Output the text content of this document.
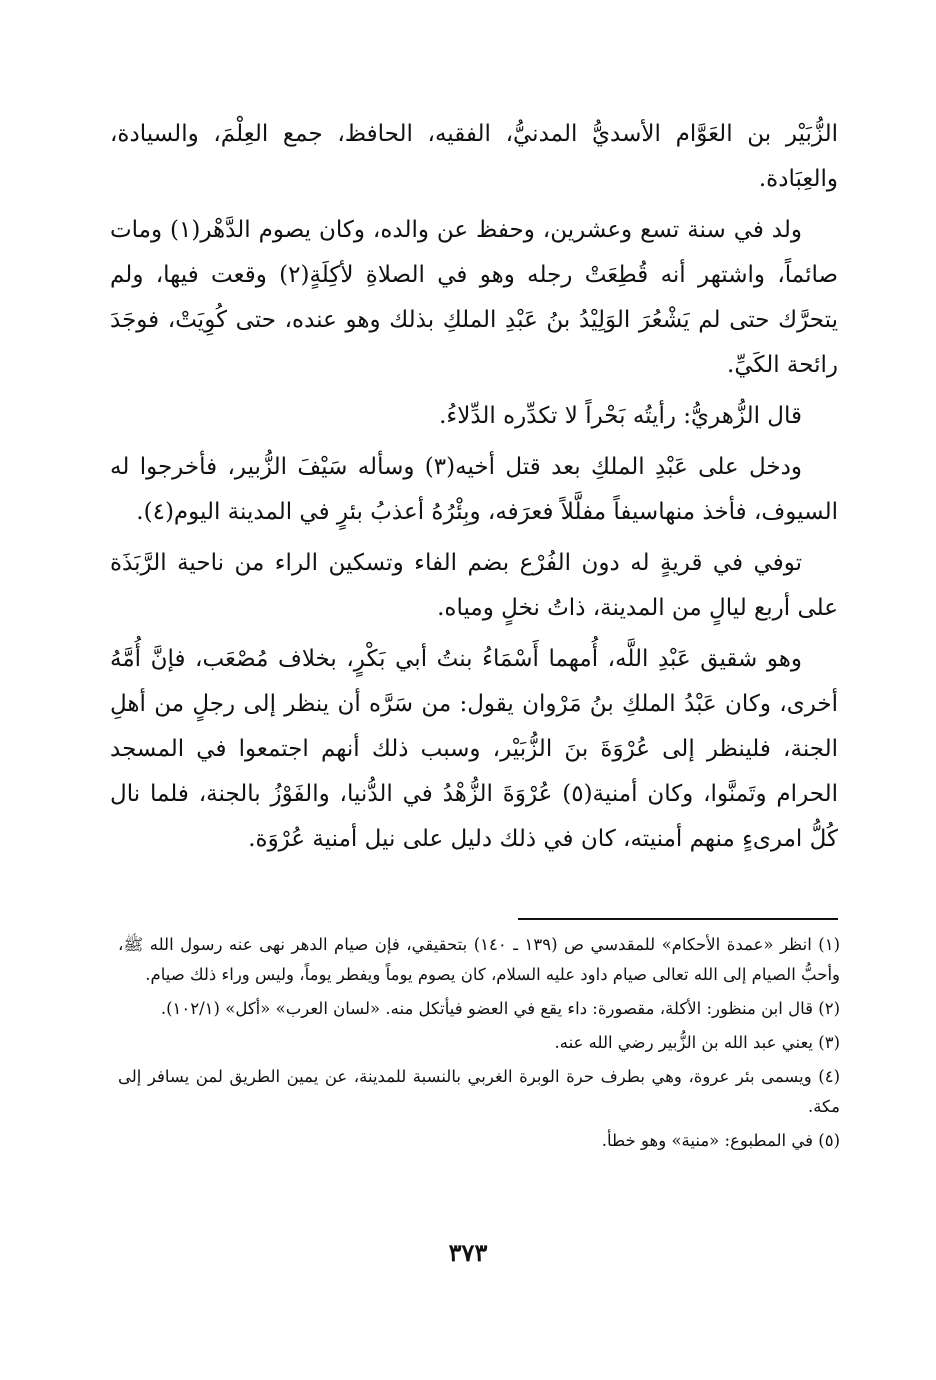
الزُّبَيْر بن العَوَّام الأسديُّ المدنيُّ، الفقيه، الحافظ، جمع العِلْمَ، والسيادة، والعِبَادة.

ولد في سنة تسع وعشرين، وحفظ عن والده، وكان يصوم الدَّهْر(١) ومات صائماً، واشتهر أنه قُطِعَتْ رجله وهو في الصلاةِ لأكِلَةٍ(٢) وقعت فيها، ولم يتحرَّك حتى لم يَشْعُرَ الوَلِيْدُ بنُ عَبْدِ الملكِ بذلك وهو عنده، حتى كُوِيَتْ، فوجَدَ رائحة الكَيِّ.

قال الزُّهريُّ: رأيتُه بَحْراً لا تكدِّره الدِّلاءُ.

ودخل على عَبْدِ الملكِ بعد قتل أخيه(٣) وسأله سَيْفَ الزُّبير، فأخرجوا له السيوف، فأخذ منهاسيفاً مفلَّلاً فعرَفه، وبِئْرُهُ أعذبُ بئرٍ في المدينة اليوم(٤).

توفي في قريةٍ له دون الفُرْع بضم الفاء وتسكين الراء من ناحية الرَّبَذَة على أربع ليالٍ من المدينة، ذاتُ نخلٍ ومياه.

وهو شقيق عَبْدِ اللَّه، أُمهما أَسْمَاءُ بنتُ أبي بَكْرٍ، بخلاف مُصْعَب، فإنَّ أُمَّهُ أخرى، وكان عَبْدُ الملكِ بنُ مَرْوان يقول: من سَرَّه أن ينظر إلى رجلٍ من أهلِ الجنة، فلينظر إلى عُرْوَةَ بنَ الزُّبَيْر، وسبب ذلك أنهم اجتمعوا في المسجد الحرام وتَمنَّوا، وكان أمنية(٥) عُرْوَةَ الزُّهْدُ في الدُّنيا، والفَوْزُ بالجنة، فلما نال كُلُّ امرىءٍ منهم أمنيته، كان في ذلك دليل على نيل أمنية عُرْوَة.

(١) انظر «عمدة الأحكام» للمقدسي ص (١٣٩ ـ ١٤٠) بتحقيقي، فإن صيام الدهر نهى عنه رسول الله ﷺ، وأحبُّ الصيام إلى الله تعالى صيام داود عليه السلام، كان يصوم يوماً ويفطر يوماً، وليس وراء ذلك صيام.

(٢) قال ابن منظور: الأكلة، مقصورة: داء يقع في العضو فيأتكل منه. «لسان العرب» «أكل» (١٠٢/١).

(٣) يعني عبد الله بن الزُّبير رضي الله عنه.

(٤) ويسمى بئر عروة، وهي بطرف حرة الوبرة الغربي بالنسبة للمدينة، عن يمين الطريق لمن يسافر إلى مكة.

(٥) في المطبوع: «منية» وهو خطأ.

٣٧٣
